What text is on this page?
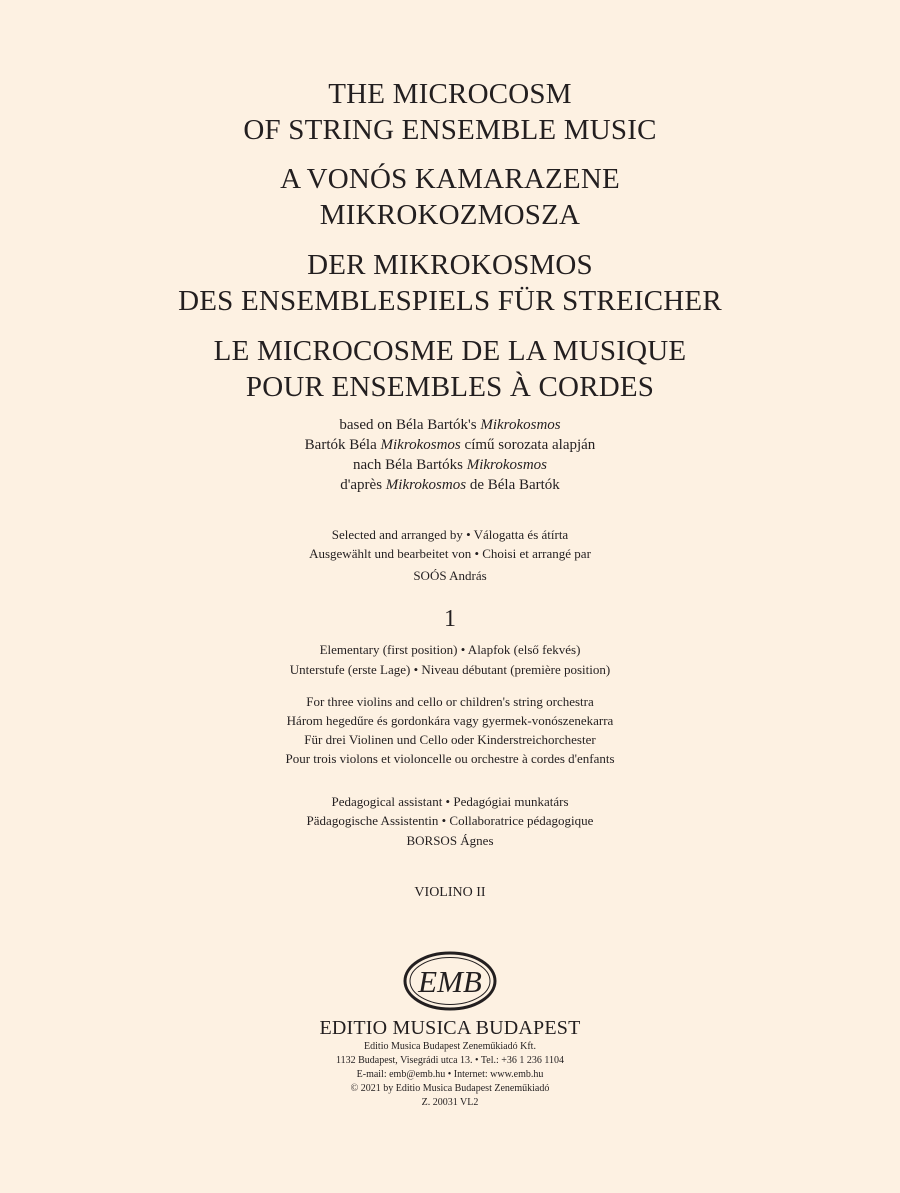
THE MICROCOSM
OF STRING ENSEMBLE MUSIC
A VONÓS KAMARAZENE
MIKROKOZMOSZA
DER MIKROKOSMOS
DES ENSEMBLESPIELS FÜR STREICHER
LE MICROCOSME DE LA MUSIQUE
POUR ENSEMBLES À CORDES
based on Béla Bartók's Mikrokosmos
Bartók Béla Mikrokosmos című sorozata alapján
nach Béla Bartóks Mikrokosmos
d'après Mikrokosmos de Béla Bartók
Selected and arranged by • Válogatta és átírta
Ausgewählt und bearbeitet von • Choisi et arrangé par
SOÓS András
1
Elementary (first position) • Alapfok (első fekvés)
Unterstufe (erste Lage) • Niveau débutant (première position)
For three violins and cello or children's string orchestra
Három hegedűre és gordonkára vagy gyermek-vonószenekarra
Für drei Violinen und Cello oder Kinderstreichorchester
Pour trois violons et violoncelle ou orchestre à cordes d'enfants
Pedagogical assistant • Pedagógiai munkatárs
Pädagogische Assistentin • Collaboratrice pédagogique
BORSOS Ágnes
VIOLINO II
EMB
EDITIO MUSICA BUDAPEST
Editio Musica Budapest Zeneműkiadó Kft.
1132 Budapest, Visegrádi utca 13. • Tel.: +36 1 236 1104
E-mail: emb@emb.hu • Internet: www.emb.hu
© 2021 by Editio Musica Budapest Zeneműkiadó
Z. 20031 VL2
